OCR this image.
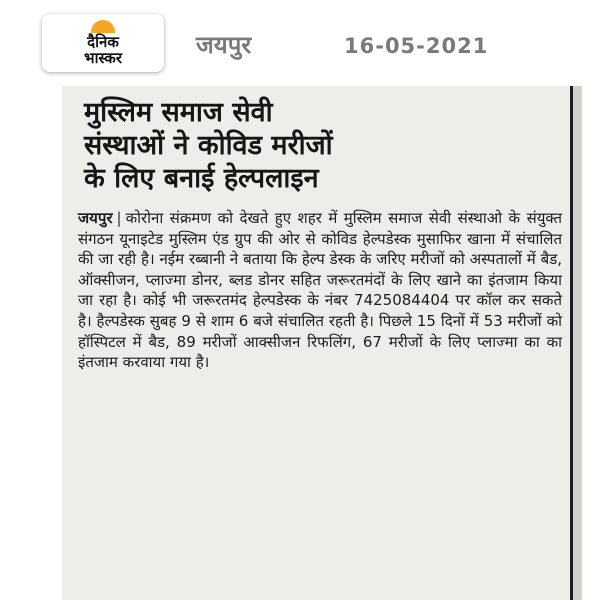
दैनिक
भास्कर	जयपुर	16-05-2021
मुस्लिम समाज सेवी
संस्थाओं ने कोविड मरीजों
के लिए बनाई हेल्पलाइन
जयपुर | कोरोना संक्रमण को देखते हुए शहर में मुस्लिम समाज सेवी संस्थाओ के संयुक्त संगठन यूनाइटेड मुस्लिम एंड ग्रुप की ओर से कोविड हेल्पडेस्क मुसाफिर खाना में संचालित की जा रही है। नईम रब्बानी ने बताया कि हेल्प डेस्क के जरिए मरीजों को अस्पतालों में बैड, ऑक्सीजन, प्लाज्मा डोनर, ब्लड डोनर सहित जरूरतमंदों के लिए खाने का इंतजाम किया जा रहा है। कोई भी जरूरतमंद हेल्पडेस्क के नंबर 7425084404 पर कॉल कर सकते है। हैल्पडेस्क सुबह 9 से शाम 6 बजे संचालित रहती है। पिछले 15 दिनों में 53 मरीजों को हॉस्पिटल में बैड, 89 मरीजों आक्सीजन रिफलिंग, 67 मरीजों के लिए प्लाज्मा का का इंतजाम करवाया गया है।
